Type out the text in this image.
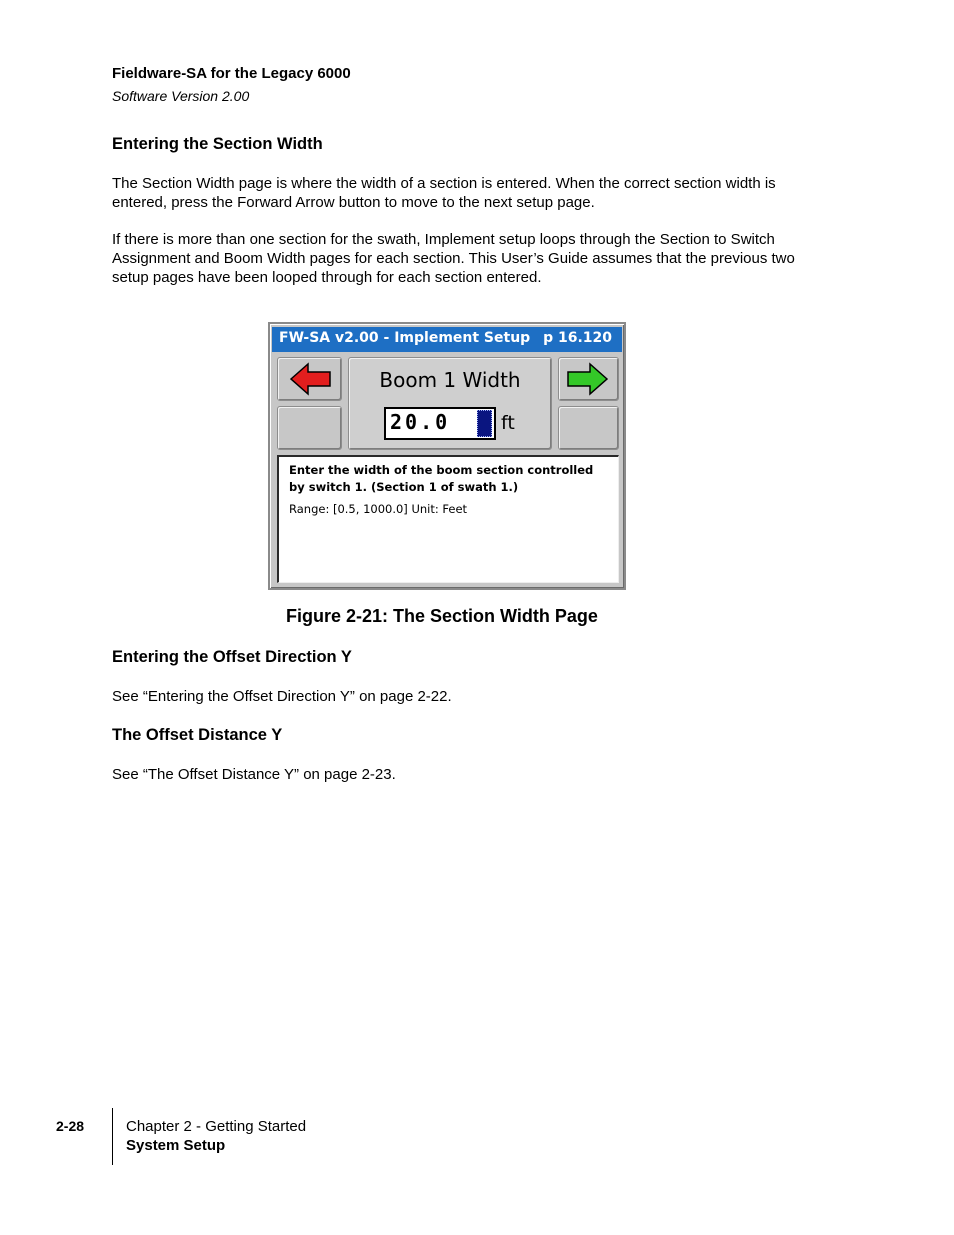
Fieldware-SA for the Legacy 6000
Software Version 2.00
Entering the Section Width
The Section Width page is where the width of a section is entered. When the correct section width is entered, press the Forward Arrow button to move to the next setup page.
If there is more than one section for the swath, Implement setup loops through the Section to Switch Assignment and Boom Width pages for each section. This User’s Guide assumes that the previous two setup pages have been looped through for each section entered.
FW-SA v2.00 - Implement Setup p 16.120
Boom 1 Width
20.0	ft
Enter the width of the boom section controlled by switch 1. (Section 1 of swath 1.)
Range: [0.5, 1000.0] Unit: Feet
Figure 2-21: The Section Width Page
Entering the Offset Direction Y
See “Entering the Offset Direction Y” on page 2-22.
The Offset Distance Y
See “The Offset Distance Y” on page 2-23.
2-28	Chapter 2 - Getting Started
System Setup
